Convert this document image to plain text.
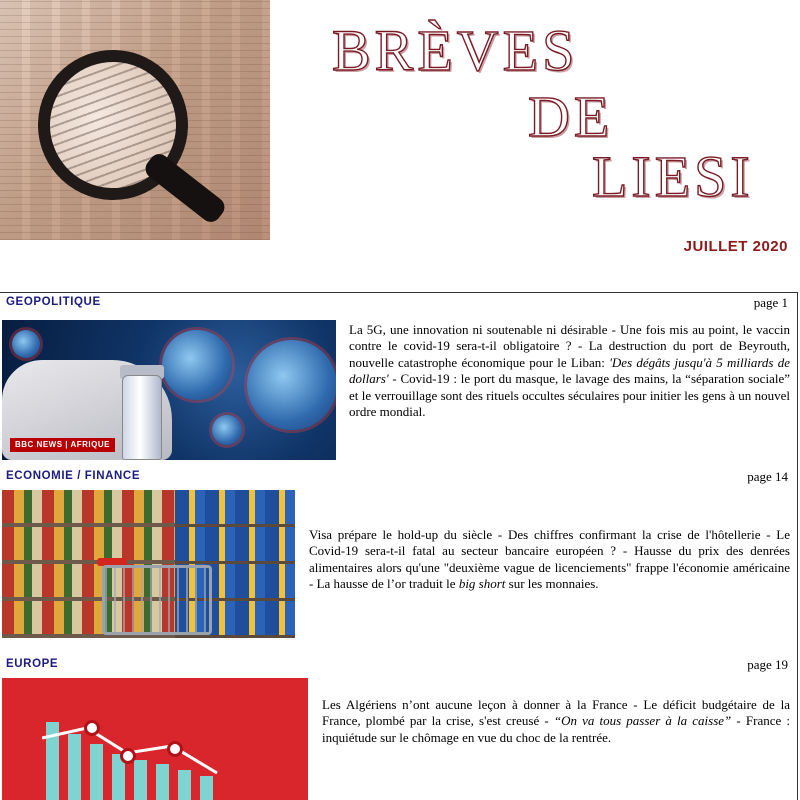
BRÈVES
DE
LIESI
JUILLET 2020
GEOPOLITIQUE	page 1
BBC NEWS | AFRIQUE
La 5G, une innovation ni soutenable ni désirable - Une fois mis au point, le vaccin contre le covid-19 sera-t-il obligatoire ? - La destruction du port de Beyrouth, nouvelle catastrophe économique pour le Liban: 'Des dégâts jusqu'à 5 milliards de dollars' - Covid-19 : le port du masque, le lavage des mains, la “séparation sociale” et le verrouillage sont des rituels occultes séculaires pour initier les gens à un nouvel ordre mondial.
ECONOMIE / FINANCE	page 14
Visa prépare le hold-up du siècle - Des chiffres confirmant la crise de l'hôtellerie - Le Covid-19 sera-t-il fatal au secteur bancaire européen ? - Hausse du prix des denrées alimentaires alors qu'une "deuxième vague de licenciements" frappe l'économie américaine - La hausse de l’or traduit le big short sur les monnaies.
EUROPE	page 19
Les Algériens n’ont aucune leçon à donner à la France - Le déficit budgétaire de la France, plombé par la crise, s'est creusé - “On va tous passer à la caisse” - France : inquiétude sur le chômage en vue du choc de la rentrée.
